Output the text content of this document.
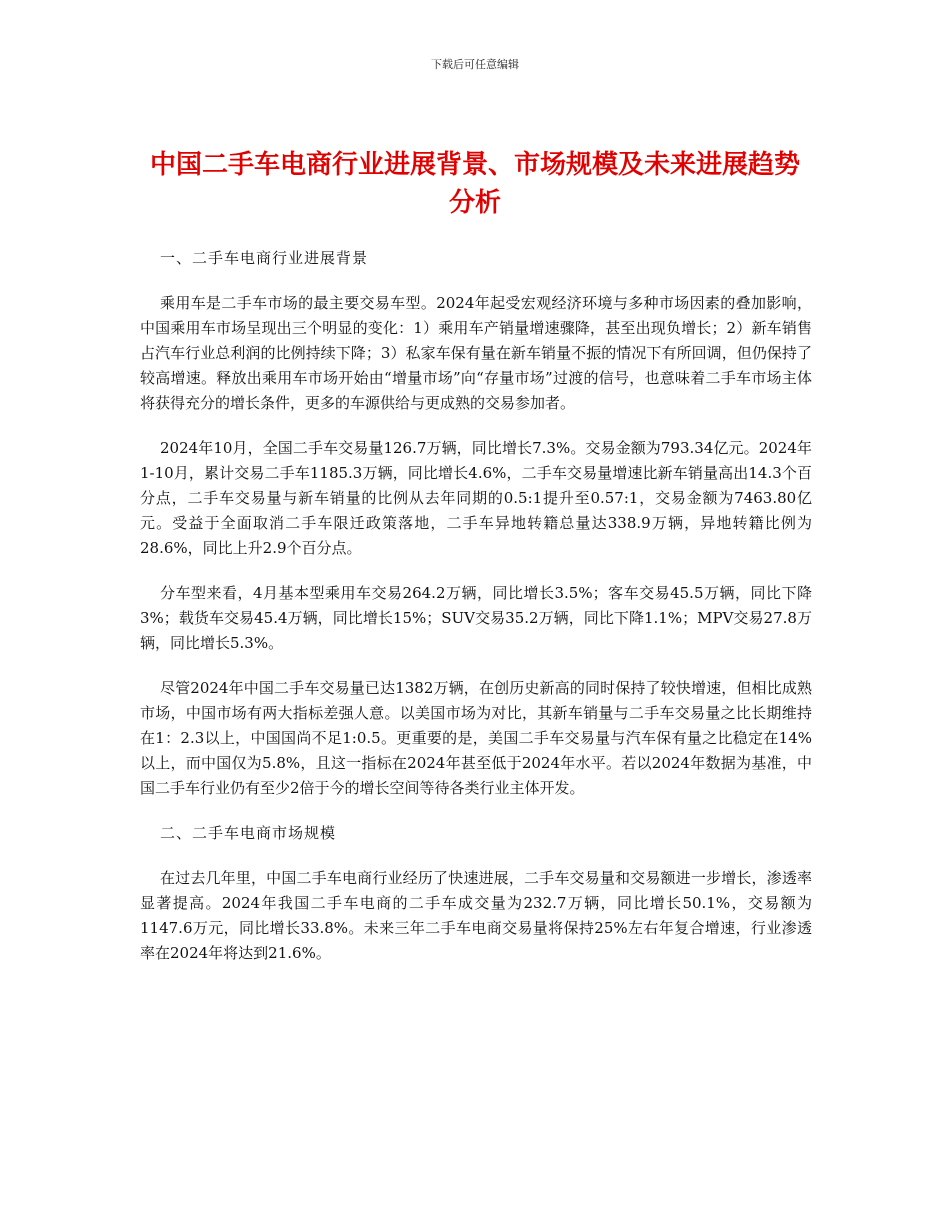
下载后可任意编辑
中国二手车电商行业进展背景、市场规模及未来进展趋势分析

一、二手车电商行业进展背景

乘用车是二手车市场的最主要交易车型。2024年起受宏观经济环境与多种市场因素的叠加影响，中国乘用车市场呈现出三个明显的变化：1）乘用车产销量增速骤降，甚至出现负增长；2）新车销售占汽车行业总利润的比例持续下降；3）私家车保有量在新车销量不振的情况下有所回调，但仍保持了较高增速。释放出乘用车市场开始由“增量市场”向“存量市场”过渡的信号，也意味着二手车市场主体将获得充分的增长条件，更多的车源供给与更成熟的交易参加者。

2024年10月，全国二手车交易量126.7万辆，同比增长7.3%。交易金额为793.34亿元。2024年1-10月，累计交易二手车1185.3万辆，同比增长4.6%，二手车交易量增速比新车销量高出14.3个百分点，二手车交易量与新车销量的比例从去年同期的0.5:1提升至0.57:1，交易金额为7463.80亿元。受益于全面取消二手车限迁政策落地，二手车异地转籍总量达338.9万辆，异地转籍比例为28.6%，同比上升2.9个百分点。

分车型来看，4月基本型乘用车交易264.2万辆，同比增长3.5%；客车交易45.5万辆，同比下降3%；载货车交易45.4万辆，同比增长15%；SUV交易35.2万辆，同比下降1.1%；MPV交易27.8万辆，同比增长5.3%。

尽管2024年中国二手车交易量已达1382万辆，在创历史新高的同时保持了较快增速，但相比成熟市场，中国市场有两大指标差强人意。以美国市场为对比，其新车销量与二手车交易量之比长期维持在1：2.3以上，中国国尚不足1:0.5。更重要的是，美国二手车交易量与汽车保有量之比稳定在14%以上，而中国仅为5.8%，且这一指标在2024年甚至低于2024年水平。若以2024年数据为基准，中国二手车行业仍有至少2倍于今的增长空间等待各类行业主体开发。

二、二手车电商市场规模

在过去几年里，中国二手车电商行业经历了快速进展，二手车交易量和交易额进一步增长，渗透率显著提高。2024年我国二手车电商的二手车成交量为232.7万辆，同比增长50.1%，交易额为1147.6万元，同比增长33.8%。未来三年二手车电商交易量将保持25%左右年复合增速，行业渗透率在2024年将达到21.6%。
